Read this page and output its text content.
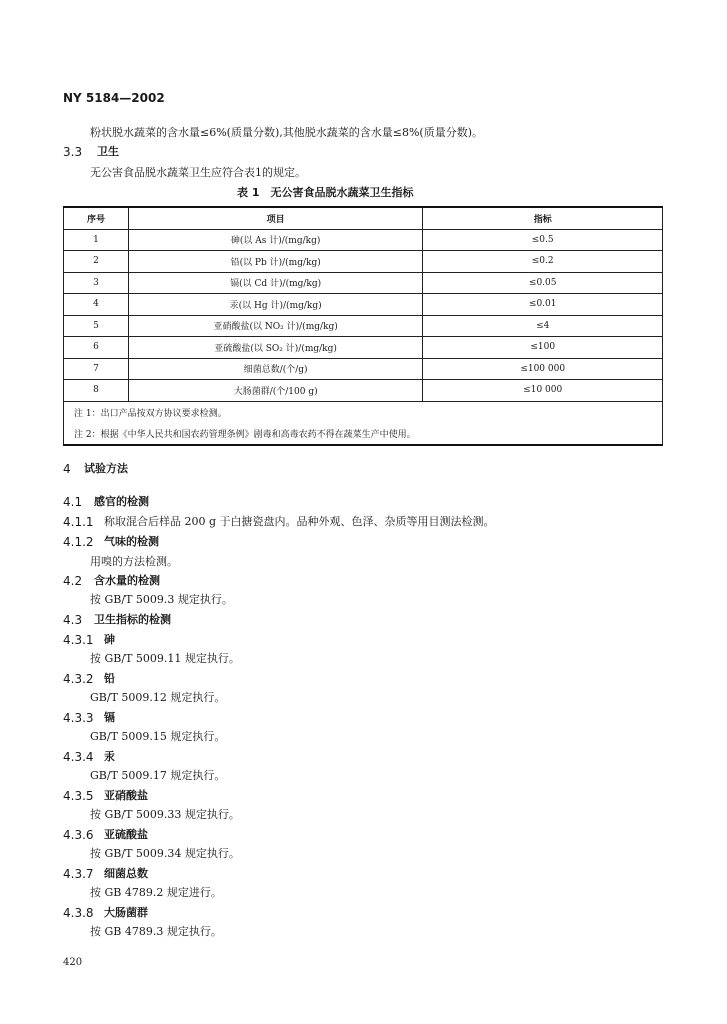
NY 5184—2002
粉状脱水蔬菜的含水量≤6%(质量分数),其他脱水蔬菜的含水量≤8%(质量分数)。
3.3 卫生
无公害食品脱水蔬菜卫生应符合表1的规定。
表 1　无公害食品脱水蔬菜卫生指标
序号	项目	指标
1	砷(以 As 计)/(mg/kg)	≤0.5
2	铅(以 Pb 计)/(mg/kg)	≤0.2
3	镉(以 Cd 计)/(mg/kg)	≤0.05
4	汞(以 Hg 计)/(mg/kg)	≤0.01
5	亚硝酸盐(以 NO₂ 计)/(mg/kg)	≤4
6	亚硫酸盐(以 SO₂ 计)/(mg/kg)	≤100
7	细菌总数/(个/g)	≤100 000
8	大肠菌群/(个/100 g)	≤10 000
注 1：出口产品按双方协议要求检测。		
注 2：根据《中华人民共和国农药管理条例》剧毒和高毒农药不得在蔬菜生产中使用。		
4 试验方法
4.1 感官的检测
4.1.1 称取混合后样品 200 g 于白搪瓷盘内。品种外观、色泽、杂质等用目测法检测。
4.1.2 气味的检测
用嗅的方法检测。
4.2 含水量的检测
按 GB/T 5009.3 规定执行。
4.3 卫生指标的检测
4.3.1 砷
按 GB/T 5009.11 规定执行。
4.3.2 铅
GB/T 5009.12 规定执行。
4.3.3 镉
GB/T 5009.15 规定执行。
4.3.4 汞
GB/T 5009.17 规定执行。
4.3.5 亚硝酸盐
按 GB/T 5009.33 规定执行。
4.3.6 亚硫酸盐
按 GB/T 5009.34 规定执行。
4.3.7 细菌总数
按 GB 4789.2 规定进行。
4.3.8 大肠菌群
按 GB 4789.3 规定执行。
420
